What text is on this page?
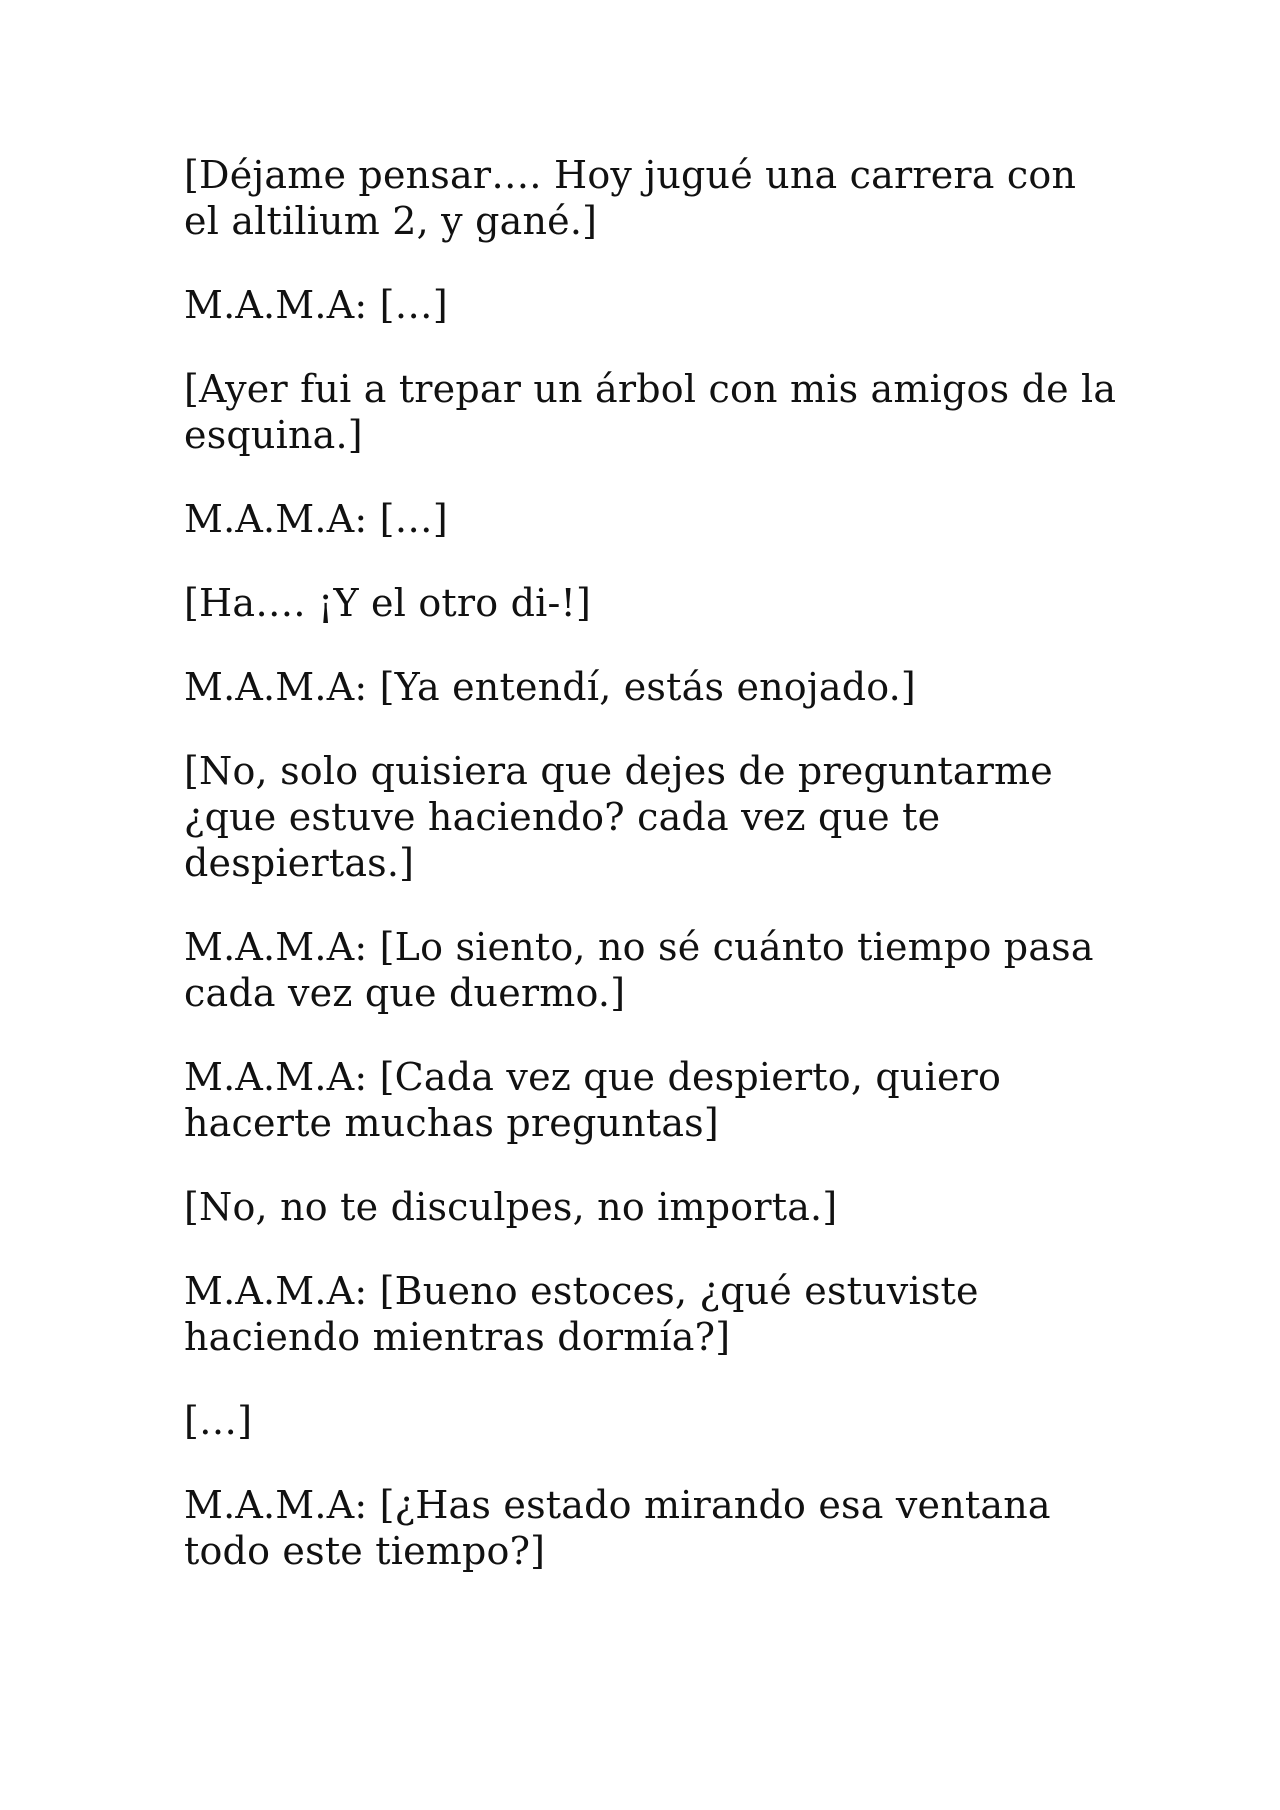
[Déjame pensar…. Hoy jugué una carrera con
el altilium 2, y gané.]

M.A.M.A: […]

[Ayer fui a trepar un árbol con mis amigos de la
esquina.]

M.A.M.A: […]

[Ha…. ¡Y el otro di-!]

M.A.M.A: [Ya entendí, estás enojado.]

[No, solo quisiera que dejes de preguntarme
¿que estuve haciendo? cada vez que te
despiertas.]

M.A.M.A: [Lo siento, no sé cuánto tiempo pasa
cada vez que duermo.]

M.A.M.A: [Cada vez que despierto, quiero
hacerte muchas preguntas]

[No, no te disculpes, no importa.]

M.A.M.A: [Bueno estoces, ¿qué estuviste
haciendo mientras dormía?]

[…]

M.A.M.A: [¿Has estado mirando esa ventana
todo este tiempo?]
